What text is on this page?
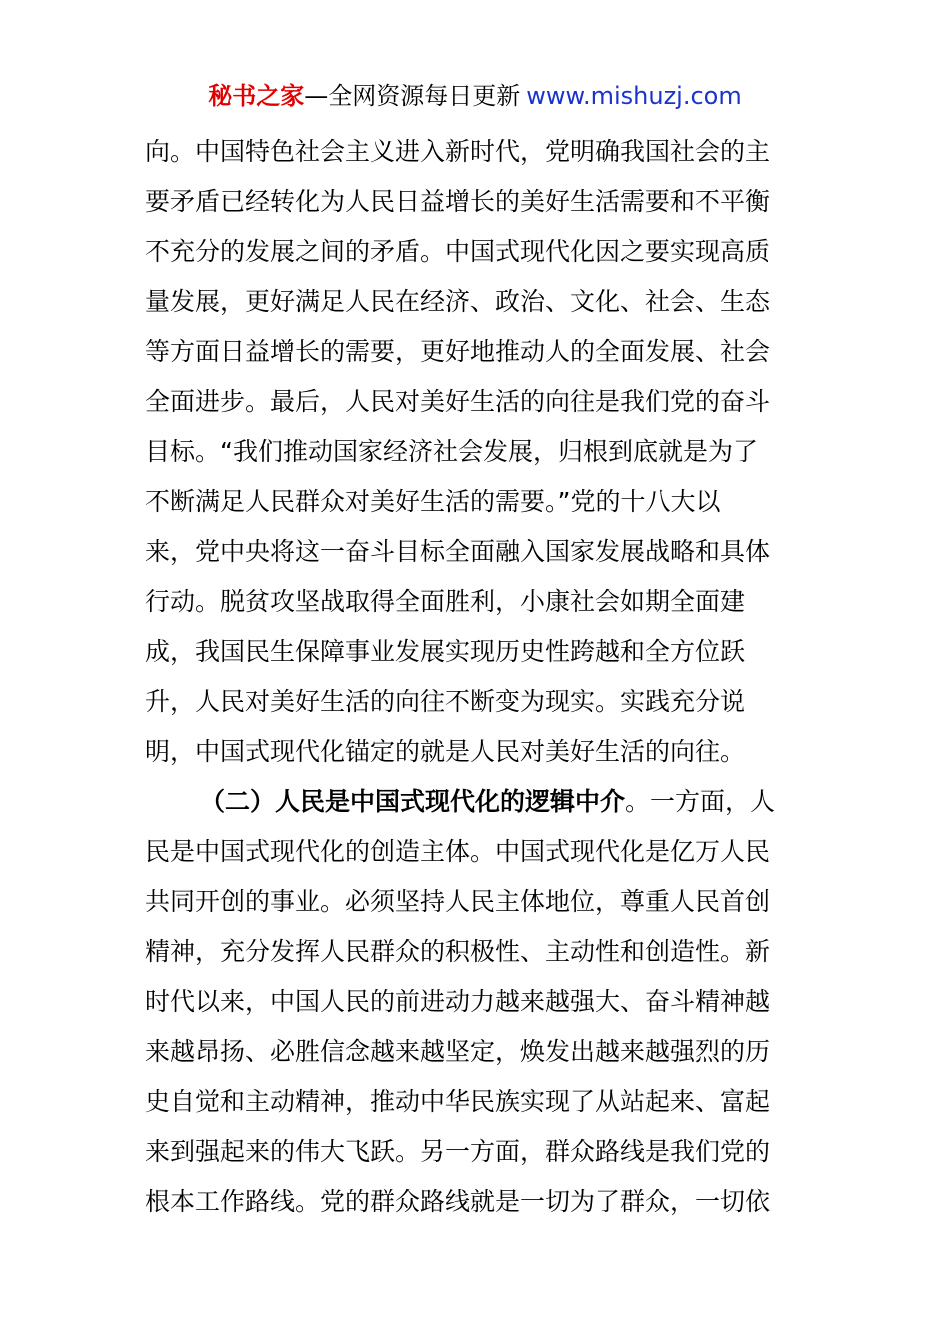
秘书之家—全网资源每日更新 www.mishuzj.com
向。中国特色社会主义进入新时代，党明确我国社会的主
要矛盾已经转化为人民日益增长的美好生活需要和不平衡
不充分的发展之间的矛盾。中国式现代化因之要实现高质
量发展，更好满足人民在经济、政治、文化、社会、生态
等方面日益增长的需要，更好地推动人的全面发展、社会
全面进步。最后，人民对美好生活的向往是我们党的奋斗
目标。“我们推动国家经济社会发展，归根到底就是为了
不断满足人民群众对美好生活的需要。”党的十八大以
来，党中央将这一奋斗目标全面融入国家发展战略和具体
行动。脱贫攻坚战取得全面胜利，小康社会如期全面建
成，我国民生保障事业发展实现历史性跨越和全方位跃
升，人民对美好生活的向往不断变为现实。实践充分说
明，中国式现代化锚定的就是人民对美好生活的向往。
（二）人民是中国式现代化的逻辑中介。一方面，人
民是中国式现代化的创造主体。中国式现代化是亿万人民
共同开创的事业。必须坚持人民主体地位，尊重人民首创
精神，充分发挥人民群众的积极性、主动性和创造性。新
时代以来，中国人民的前进动力越来越强大、奋斗精神越
来越昂扬、必胜信念越来越坚定，焕发出越来越强烈的历
史自觉和主动精神，推动中华民族实现了从站起来、富起
来到强起来的伟大飞跃。另一方面，群众路线是我们党的
根本工作路线。党的群众路线就是一切为了群众，一切依
